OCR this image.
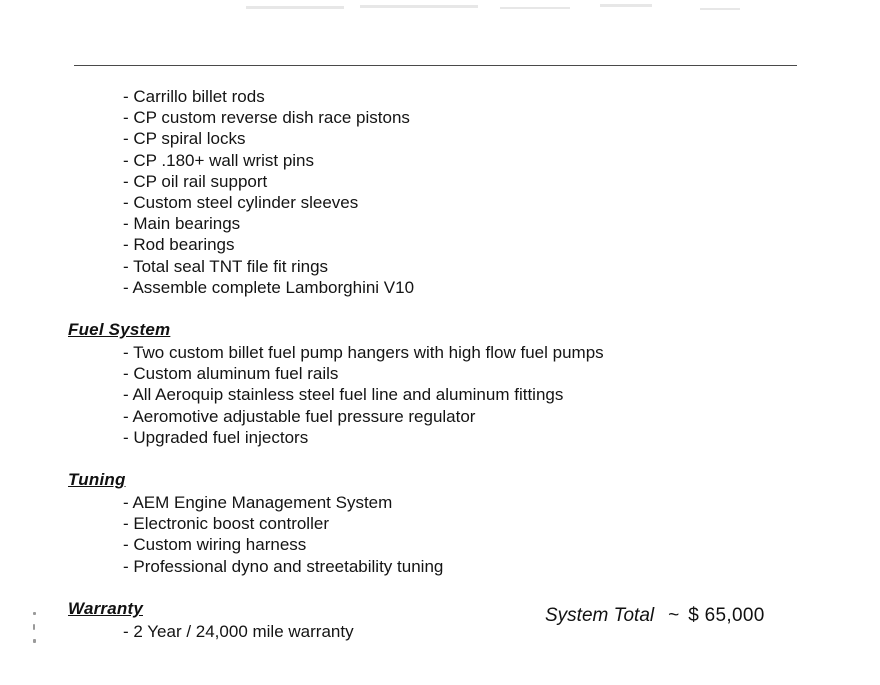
- Carrillo billet rods
- CP custom reverse dish race pistons
- CP spiral locks
- CP .180+ wall wrist pins
- CP oil rail support
- Custom steel cylinder sleeves
- Main bearings
- Rod bearings
- Total seal TNT file fit rings
- Assemble complete Lamborghini V10
Fuel System
- Two custom billet fuel pump hangers with high flow fuel pumps
- Custom aluminum fuel rails
- All Aeroquip stainless steel fuel line and aluminum fittings
- Aeromotive adjustable fuel pressure regulator
- Upgraded fuel injectors
Tuning
- AEM Engine Management System
- Electronic boost controller
- Custom wiring harness
- Professional dyno and streetability tuning
Warranty
- 2 Year / 24,000 mile warranty
System Total ~ $ 65,000
